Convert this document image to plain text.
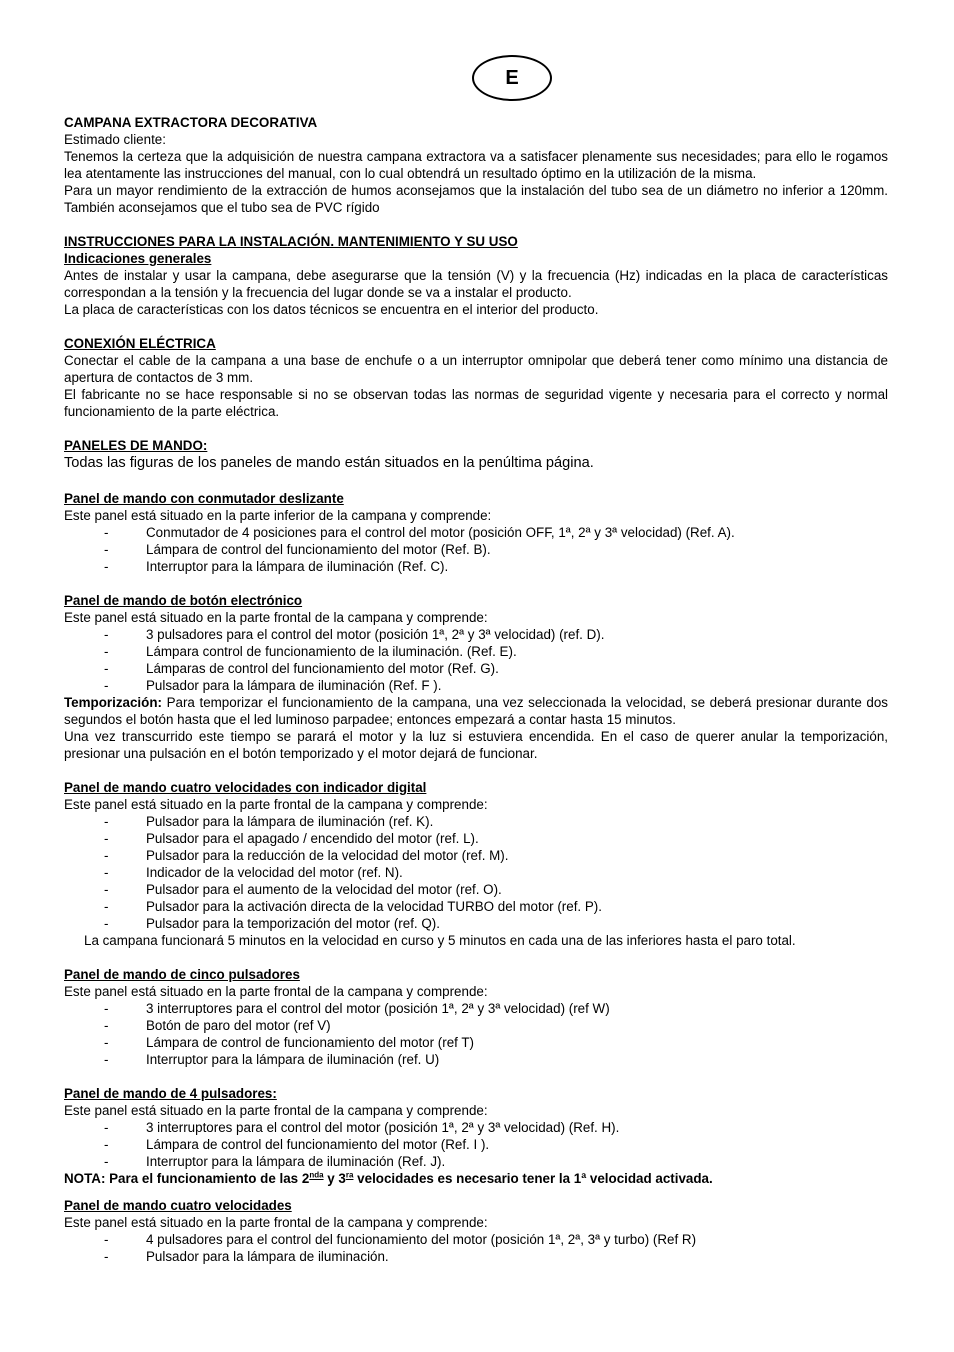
E
CAMPANA EXTRACTORA DECORATIVA
Estimado cliente:
Tenemos la certeza que la adquisición de nuestra campana extractora va a satisfacer plenamente sus necesidades; para ello le rogamos lea atentamente las instrucciones del manual, con lo cual obtendrá un resultado óptimo en la utilización de la misma.
Para un mayor rendimiento de la extracción de humos aconsejamos que la instalación del tubo sea de un diámetro no inferior a 120mm. También aconsejamos que el tubo sea de PVC rígido
INSTRUCCIONES PARA LA INSTALACIÓN. MANTENIMIENTO Y SU USO
Indicaciones generales
Antes de instalar y usar la campana, debe asegurarse que la tensión (V) y la frecuencia (Hz) indicadas en la placa de características correspondan a la tensión y la frecuencia del lugar donde se va a instalar el producto.
La placa de características con los datos técnicos se encuentra en el interior del producto.
CONEXIÓN ELÉCTRICA
Conectar el cable de la campana a una base de enchufe o a un interruptor omnipolar que deberá tener como mínimo una distancia de apertura de contactos de 3 mm.
El fabricante no se hace responsable si no se observan todas las normas de seguridad vigente y necesaria para el correcto y normal funcionamiento de la parte eléctrica.
PANELES DE MANDO:
Todas las figuras de los paneles de mando están situados en la penúltima página.
Panel de mando con conmutador deslizante
Este panel está situado en la parte inferior de la campana y comprende:
-	Conmutador de 4 posiciones para el control del motor (posición OFF, 1ª, 2ª y 3ª velocidad) (Ref. A).
-	Lámpara de control del funcionamiento del motor (Ref. B).
-	Interruptor para la lámpara de iluminación (Ref. C).
Panel de mando de botón electrónico
Este panel está situado en la parte frontal de la campana y comprende:
-	3 pulsadores para el control del motor (posición 1ª, 2ª y 3ª velocidad) (ref. D).
-	Lámpara control de funcionamiento de la iluminación. (Ref. E).
-	Lámparas de control del funcionamiento del motor (Ref. G).
-	Pulsador para la lámpara de iluminación (Ref. F ).
Temporización: Para temporizar el funcionamiento de la campana, una vez seleccionada la velocidad, se deberá presionar durante dos segundos el botón hasta que el led luminoso parpadee; entonces empezará a contar hasta 15 minutos.
Una vez transcurrido este tiempo se parará el motor y la luz si estuviera encendida. En el caso de querer anular la temporización, presionar una pulsación en el botón temporizado y el motor dejará de funcionar.
Panel de mando cuatro velocidades con indicador digital
Este panel está situado en la parte frontal de la campana y comprende:
-	Pulsador para la lámpara de iluminación (ref. K).
-	Pulsador para el apagado / encendido del motor (ref. L).
-	Pulsador para la reducción de la velocidad del motor (ref. M).
-	Indicador de la velocidad del motor (ref. N).
-	Pulsador para el aumento de la velocidad del motor (ref. O).
-	Pulsador para la activación directa de la velocidad TURBO del motor (ref. P).
-	Pulsador para la temporización del motor (ref. Q).
La campana funcionará 5 minutos en la velocidad en curso y 5 minutos en cada una de las inferiores hasta el paro total.
Panel de mando de cinco pulsadores
Este panel está situado en la parte frontal de la campana y comprende:
-	3 interruptores para el control del motor (posición 1ª, 2ª y 3ª velocidad) (ref W)
-	Botón de paro del motor (ref V)
-	Lámpara de control de funcionamiento del motor (ref T)
-	Interruptor para la lámpara de iluminación (ref. U)
Panel de mando de 4 pulsadores:
Este panel está situado en la parte frontal de la campana y comprende:
-	3 interruptores para el control del motor (posición 1ª, 2ª y 3ª velocidad) (Ref. H).
-	Lámpara de control del funcionamiento del motor (Ref. I ).
-	Interruptor para la lámpara de iluminación (Ref. J).
NOTA: Para el funcionamiento de las $2^{nda}$ y $3^{ra}$ velocidades es necesario tener la 1ª velocidad activada.
Panel de mando cuatro velocidades
Este panel está situado en la parte frontal de la campana y comprende:
-	4 pulsadores para el control del funcionamiento del motor (posición 1ª, 2ª, 3ª y turbo) (Ref R)
-	Pulsador para la lámpara de iluminación.
